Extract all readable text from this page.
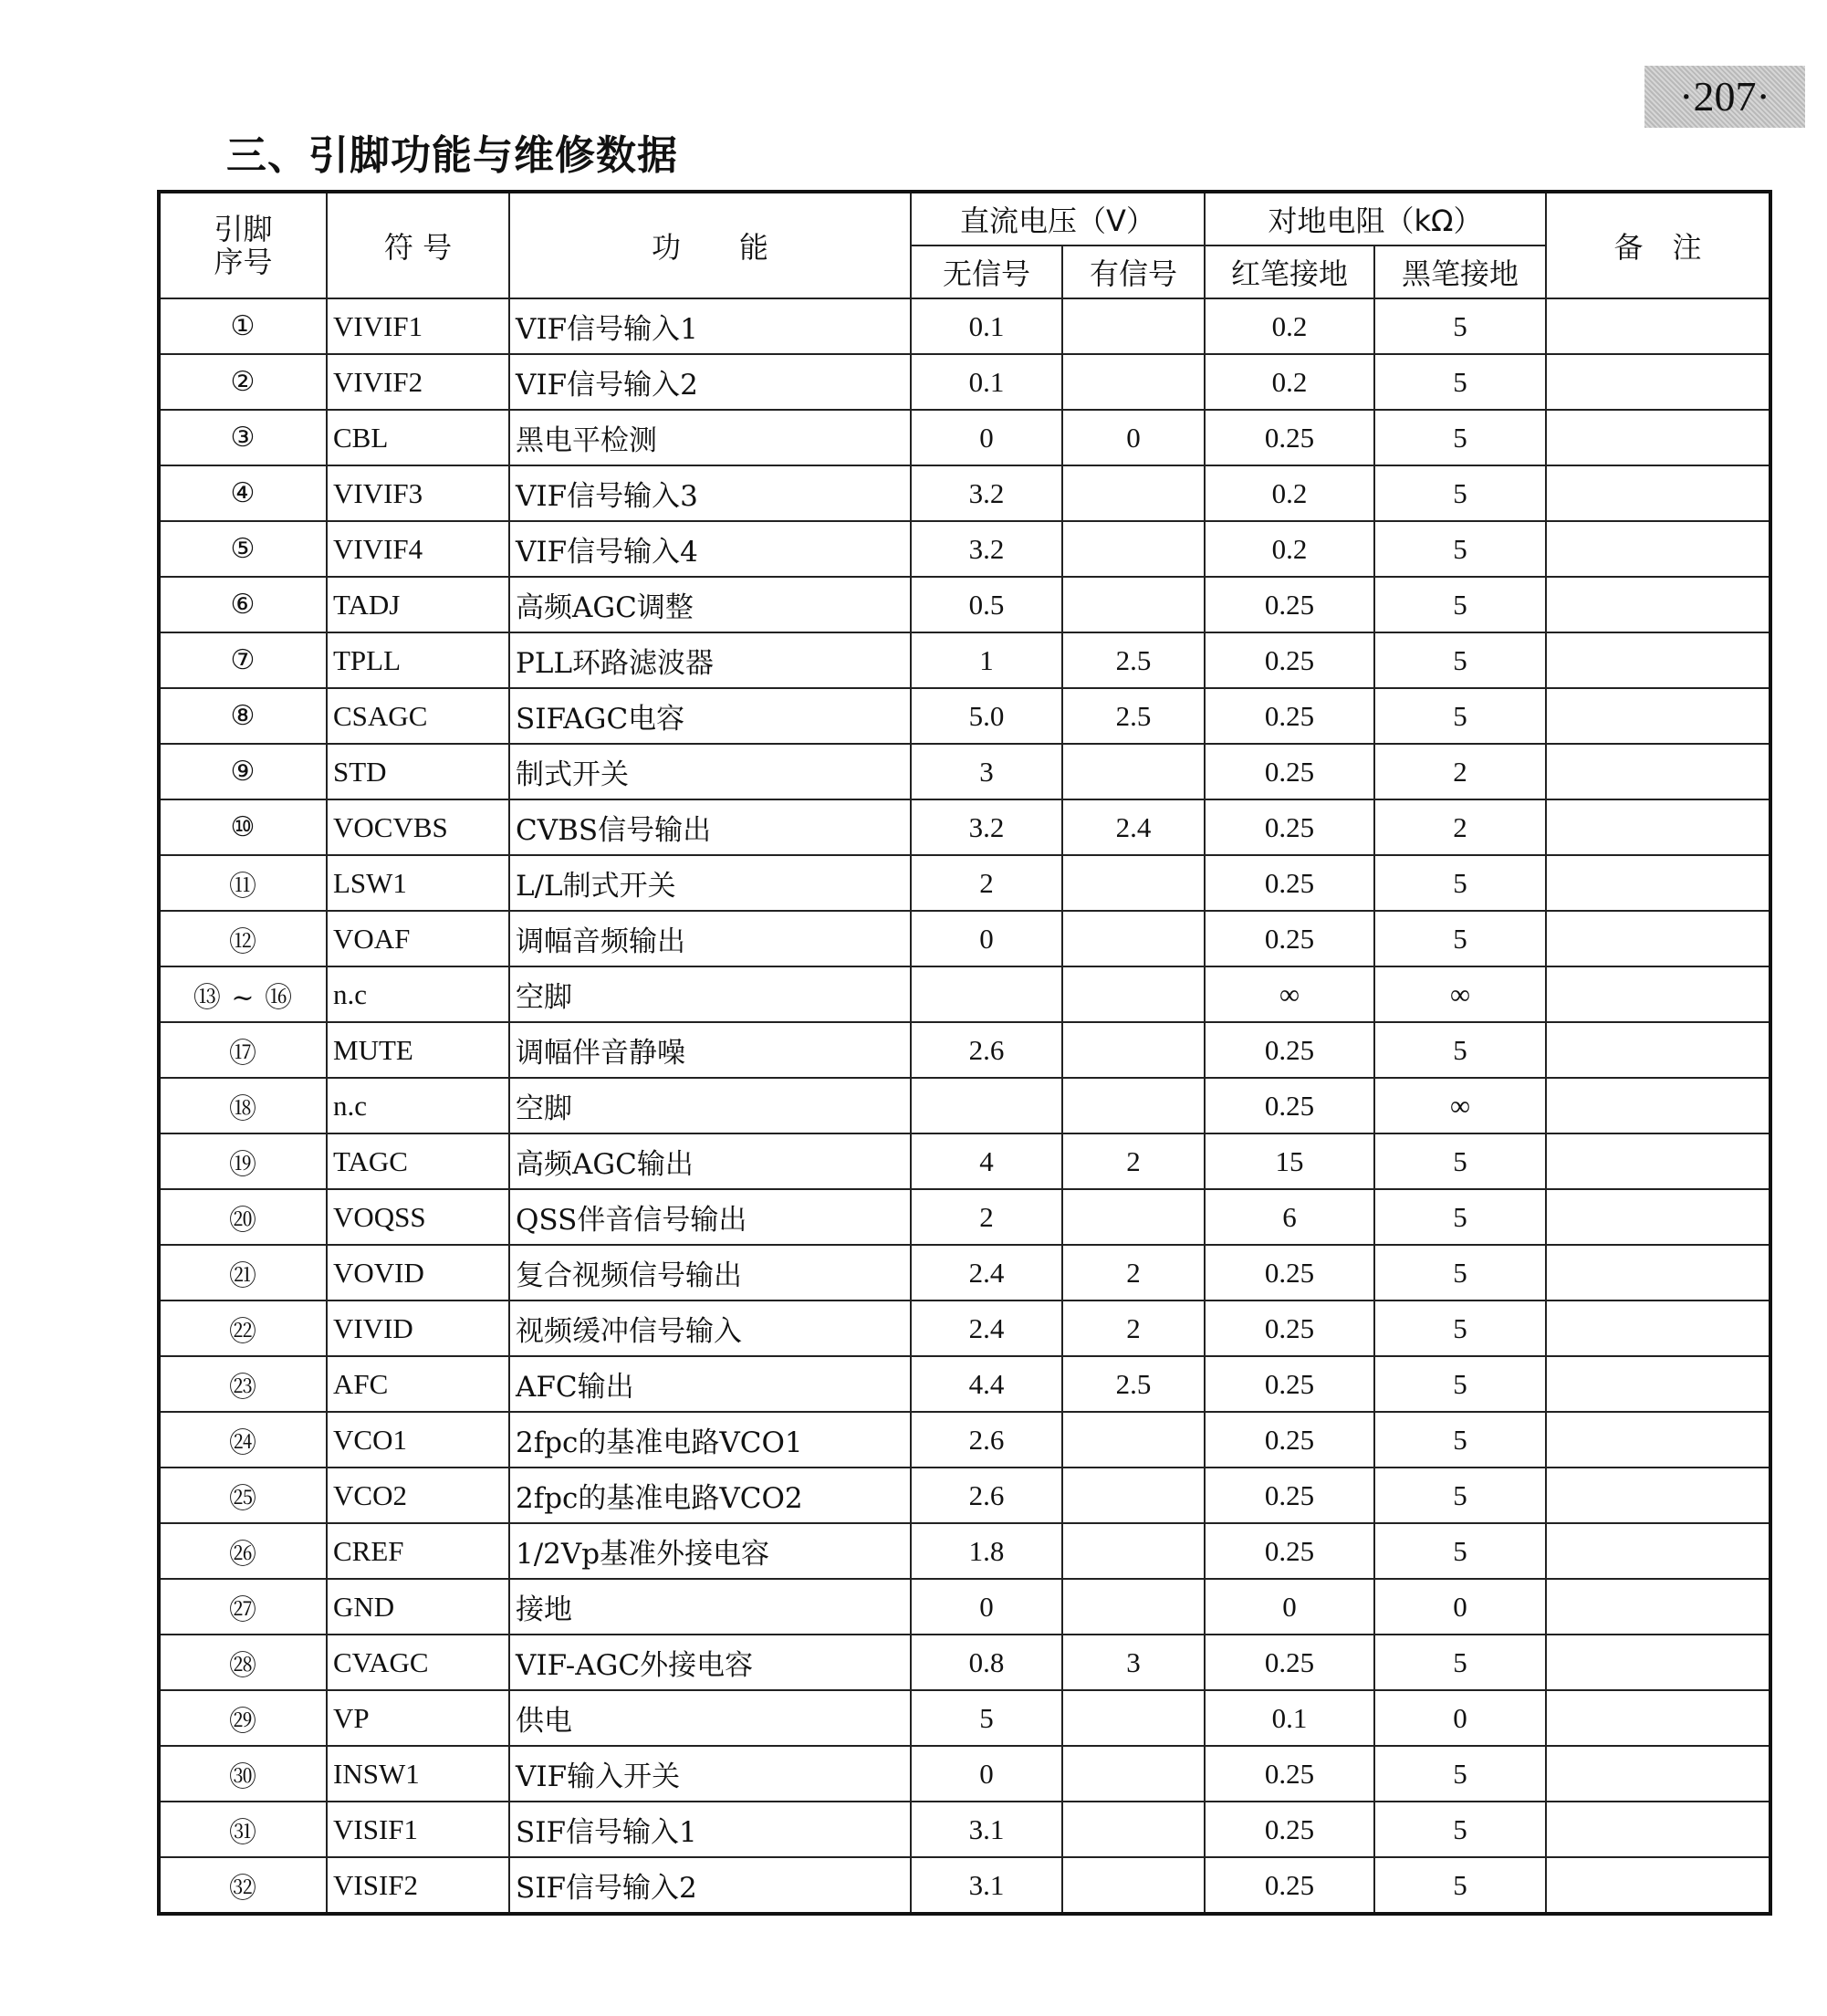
·207·
三、引脚功能与维修数据
引脚
序号	符 号	功　　能	直流电压（V）		对地电阻（kΩ）		备　注
			无信号	有信号	红笔接地	黑笔接地	
①	VIVIF1	VIF信号输入1	0.1		0.2	5	
②	VIVIF2	VIF信号输入2	0.1		0.2	5	
③	CBL	黑电平检测	0	0	0.25	5	
④	VIVIF3	VIF信号输入3	3.2		0.2	5	
⑤	VIVIF4	VIF信号输入4	3.2		0.2	5	
⑥	TADJ	高频AGC调整	0.5		0.25	5	
⑦	TPLL	PLL环路滤波器	1	2.5	0.25	5	
⑧	CSAGC	SIFAGC电容	5.0	2.5	0.25	5	
⑨	STD	制式开关	3		0.25	2	
⑩	VOCVBS	CVBS信号输出	3.2	2.4	0.25	2	
⑪	LSW1	L/L制式开关	2		0.25	5	
⑫	VOAF	调幅音频输出	0		0.25	5	
⑬ ~ ⑯	n.c	空脚			∞	∞	
⑰	MUTE	调幅伴音静噪	2.6		0.25	5	
⑱	n.c	空脚			0.25	∞	
⑲	TAGC	高频AGC输出	4	2	15	5	
⑳	VOQSS	QSS伴音信号输出	2		6	5	
㉑	VOVID	复合视频信号输出	2.4	2	0.25	5	
㉒	VIVID	视频缓冲信号输入	2.4	2	0.25	5	
㉓	AFC	AFC输出	4.4	2.5	0.25	5	
㉔	VCO1	2fpc的基准电路VCO1	2.6		0.25	5	
㉕	VCO2	2fpc的基准电路VCO2	2.6		0.25	5	
㉖	CREF	1/2Vp基准外接电容	1.8		0.25	5	
㉗	GND	接地	0		0	0	
㉘	CVAGC	VIF-AGC外接电容	0.8	3	0.25	5	
㉙	VP	供电	5		0.1	0	
㉚	INSW1	VIF输入开关	0		0.25	5	
㉛	VISIF1	SIF信号输入1	3.1		0.25	5	
㉜	VISIF2	SIF信号输入2	3.1		0.25	5	
